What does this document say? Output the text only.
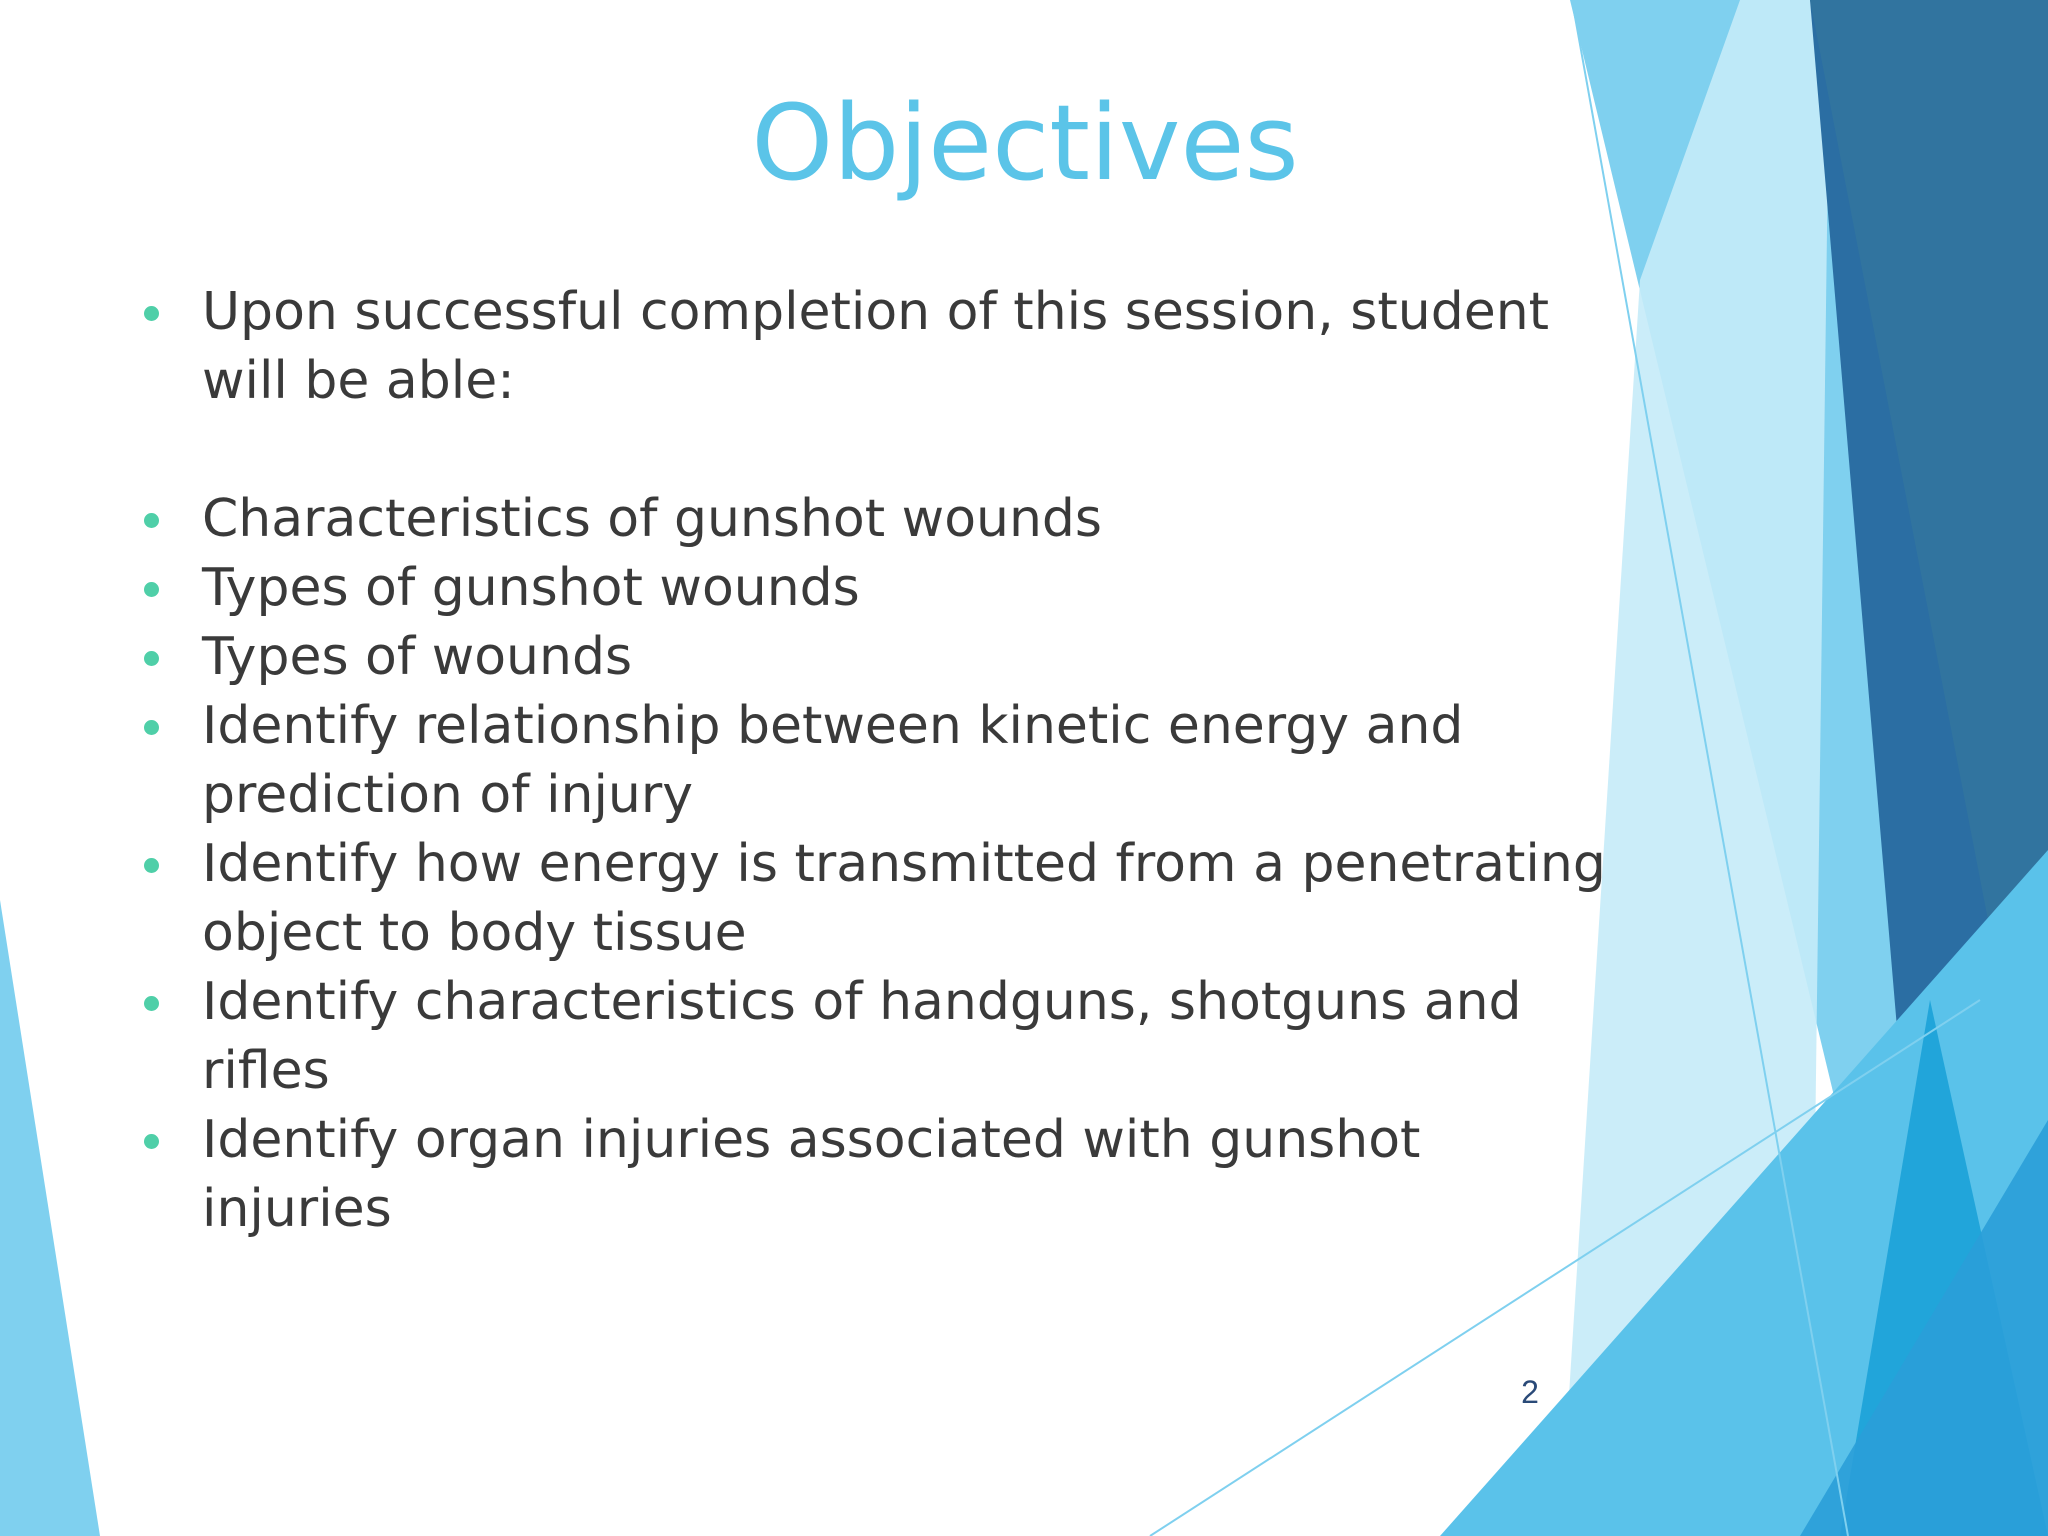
Objectives
Upon successful completion of this session, student will be able:
Characteristics of gunshot wounds
Types of gunshot wounds
Types of wounds
Identify relationship between kinetic energy and prediction of injury
Identify how energy is transmitted from a penetrating object to body tissue
Identify characteristics of handguns, shotguns and rifles
Identify organ injuries associated with gunshot injuries
2
